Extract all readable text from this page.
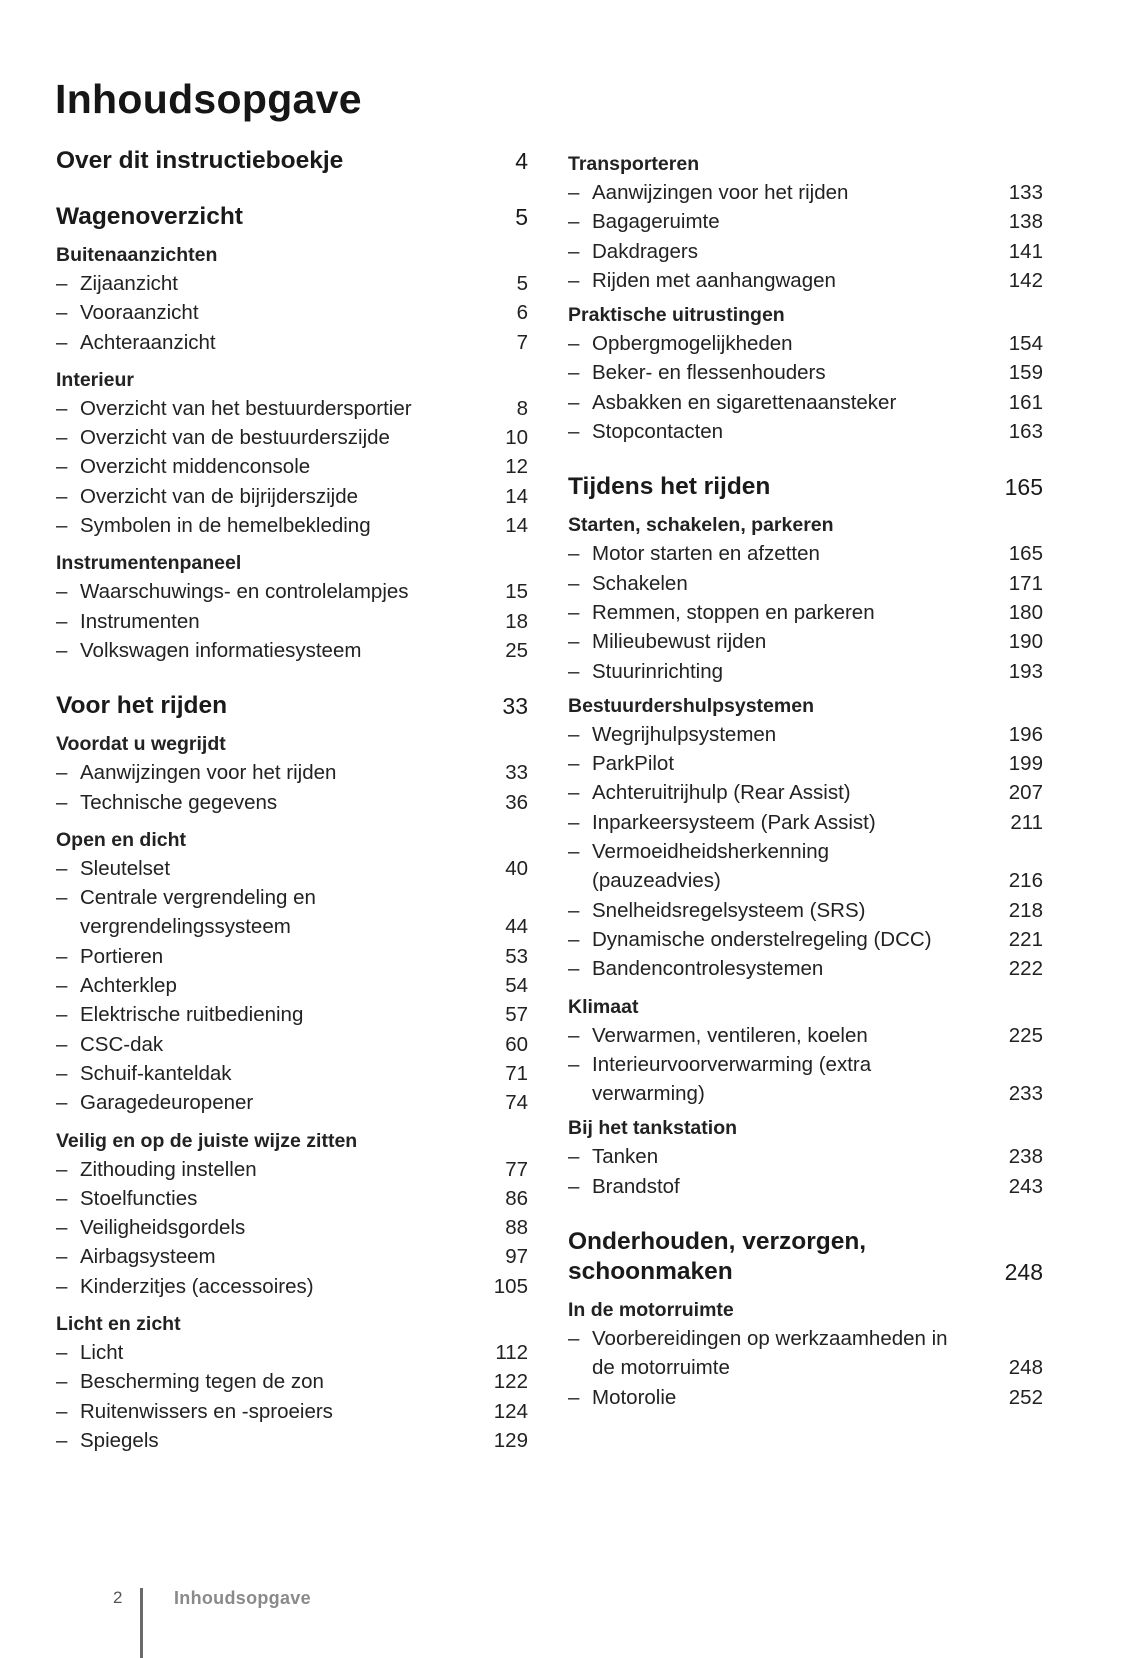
Inhoudsopgave
Over dit instructieboekje	4
Wagenoverzicht	5
Buitenaanzichten
– Zijaanzicht	5
– Vooraanzicht	6
– Achteraanzicht	7
Interieur
– Overzicht van het bestuurdersportier	8
– Overzicht van de bestuurderszijde	10
– Overzicht middenconsole	12
– Overzicht van de bijrijderszijde	14
– Symbolen in de hemelbekleding	14
Instrumentenpaneel
– Waarschuwings- en controlelampjes	15
– Instrumenten	18
– Volkswagen informatiesysteem	25
Voor het rijden	33
Voordat u wegrijdt
– Aanwijzingen voor het rijden	33
– Technische gegevens	36
Open en dicht
– Sleutelset	40
– Centrale vergrendeling en
vergrendelingssysteem	44
– Portieren	53
– Achterklep	54
– Elektrische ruitbediening	57
– CSC-dak	60
– Schuif-kanteldak	71
– Garagedeuropener	74
Veilig en op de juiste wijze zitten
– Zithouding instellen	77
– Stoelfuncties	86
– Veiligheidsgordels	88
– Airbagsysteem	97
– Kinderzitjes (accessoires)	105
Licht en zicht
– Licht	112
– Bescherming tegen de zon	122
– Ruitenwissers en -sproeiers	124
– Spiegels	129
Transporteren
– Aanwijzingen voor het rijden	133
– Bagageruimte	138
– Dakdragers	141
– Rijden met aanhangwagen	142
Praktische uitrustingen
– Opbergmogelijkheden	154
– Beker- en flessenhouders	159
– Asbakken en sigarettenaansteker	161
– Stopcontacten	163
Tijdens het rijden	165
Starten, schakelen, parkeren
– Motor starten en afzetten	165
– Schakelen	171
– Remmen, stoppen en parkeren	180
– Milieubewust rijden	190
– Stuurinrichting	193
Bestuurdershulpsystemen
– Wegrijhulpsystemen	196
– ParkPilot	199
– Achteruitrijhulp (Rear Assist)	207
– Inparkeersysteem (Park Assist)	211
– Vermoeidheidsherkenning
(pauzeadvies)	216
– Snelheidsregelsysteem (SRS)	218
– Dynamische onderstelregeling (DCC)	221
– Bandencontrolesystemen	222
Klimaat
– Verwarmen, ventileren, koelen	225
– Interieurvoorverwarming (extra
verwarming)	233
Bij het tankstation
– Tanken	238
– Brandstof	243
Onderhouden, verzorgen,
schoonmaken	248
In de motorruimte
– Voorbereidingen op werkzaamheden in
de motorruimte	248
– Motorolie	252
2	Inhoudsopgave
